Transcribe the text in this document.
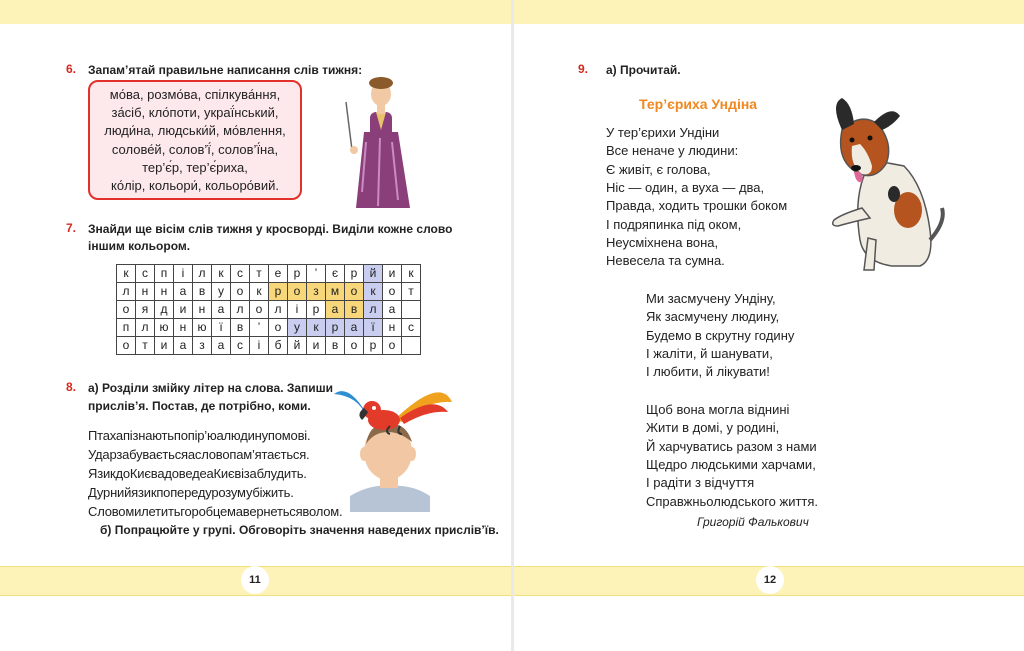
6. Запам’ятай правильне написання слів тижня:
мо́ва, розмо́ва, спілкува́ння,
за́сіб, кло́поти, украї́нський,
люди́на, людськи́й, мо́влення,
солове́й, солов’ї́, солов’ї́на,
тер’є́р, тер’є́риха,
ко́лір, кольори́, кольоро́вий.
7. Знайди ще вісім слів тижня у кросворді. Виділи кожне слово
іншим кольором.
к	с	п	і	л	к	с	т	е	р	’	є	р	й	и	к
л	н	н	а	в	у	о	к	р	о	з	м	о	к	о	т
о	я	д	и	н	а	л	о	л	і	р	а	в	л	а	
п	л	ю	н	ю	ї	в	’	о	у	к	р	а	ї	н	с
о	т	и	а	з	а	с	і	б	й	и	в	о	р	о	
8. а) Розділи змійку літер на слова. Запиши
прислів’я. Постав, де потрібно, коми.
Птахапізнаютьпопір’юалюдинупомові.
Ударзабуваєтьсяасловопам’ятається.
ЯзикдоКиєвадоведеаКиєвізаблудить.
Дурнийязикпопередурозумубіжить.
Словомилетитьгоробцемавернетьсяволом.
б) Попрацюйте у групі. Обговоріть значення наведених прислів’їв.
11
9. а) Прочитай.
Тер’єриха Ундіна
У тер’єрихи Ундіни
Все неначе у людини:
Є живіт, є голова,
Ніс — один, а вуха — два,
Правда, ходить трошки боком
І подряпинка під оком,
Неусміхнена вона,
Невесела та сумна.
Ми засмучену Ундіну,
Як засмучену людину,
Будемо в скрутну годину
І жаліти, й шанувати,
І любити, й лікувати!
Щоб вона могла віднині
Жити в домі, у родині,
Й харчуватись разом з нами
Щедро людськими харчами,
І радіти з відчуття
Справжньолюдського життя.
Григорій Фалькович
12
